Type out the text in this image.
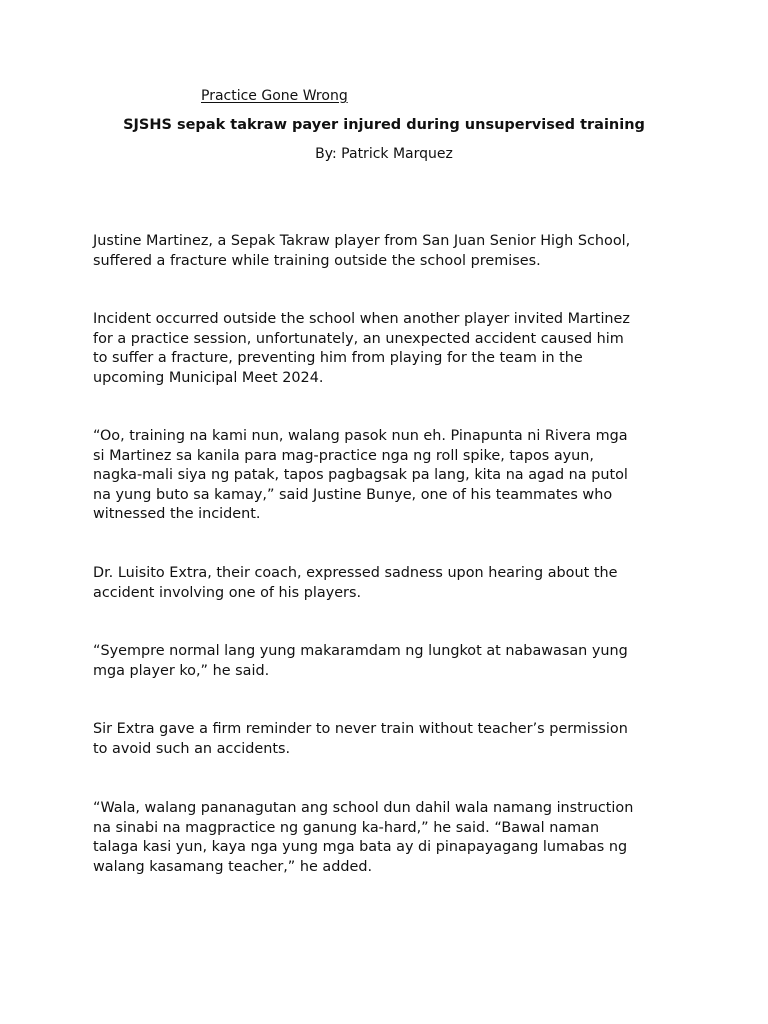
Practice Gone Wrong
SJSHS sepak takraw payer injured during unsupervised training
By: Patrick Marquez

Justine Martinez, a Sepak Takraw player from San Juan Senior High School,
suffered a fracture while training outside the school premises.

Incident occurred outside the school when another player invited Martinez
for a practice session, unfortunately, an unexpected accident caused him
to suffer a fracture, preventing him from playing for the team in the
upcoming Municipal Meet 2024.

“Oo, training na kami nun, walang pasok nun eh. Pinapunta ni Rivera mga
si Martinez sa kanila para mag-practice nga ng roll spike, tapos ayun,
nagka-mali siya ng patak, tapos pagbagsak pa lang, kita na agad na putol
na yung buto sa kamay,” said Justine Bunye, one of his teammates who
witnessed the incident.

Dr. Luisito Extra, their coach, expressed sadness upon hearing about the
accident involving one of his players.

“Syempre normal lang yung makaramdam ng lungkot at nabawasan yung
mga player ko,” he said.

Sir Extra gave a firm reminder to never train without teacher’s permission
to avoid such an accidents.

“Wala, walang pananagutan ang school dun dahil wala namang instruction
na sinabi na magpractice ng ganung ka-hard,” he said. “Bawal naman
talaga kasi yun, kaya nga yung mga bata ay di pinapayagang lumabas ng
walang kasamang teacher,” he added.
